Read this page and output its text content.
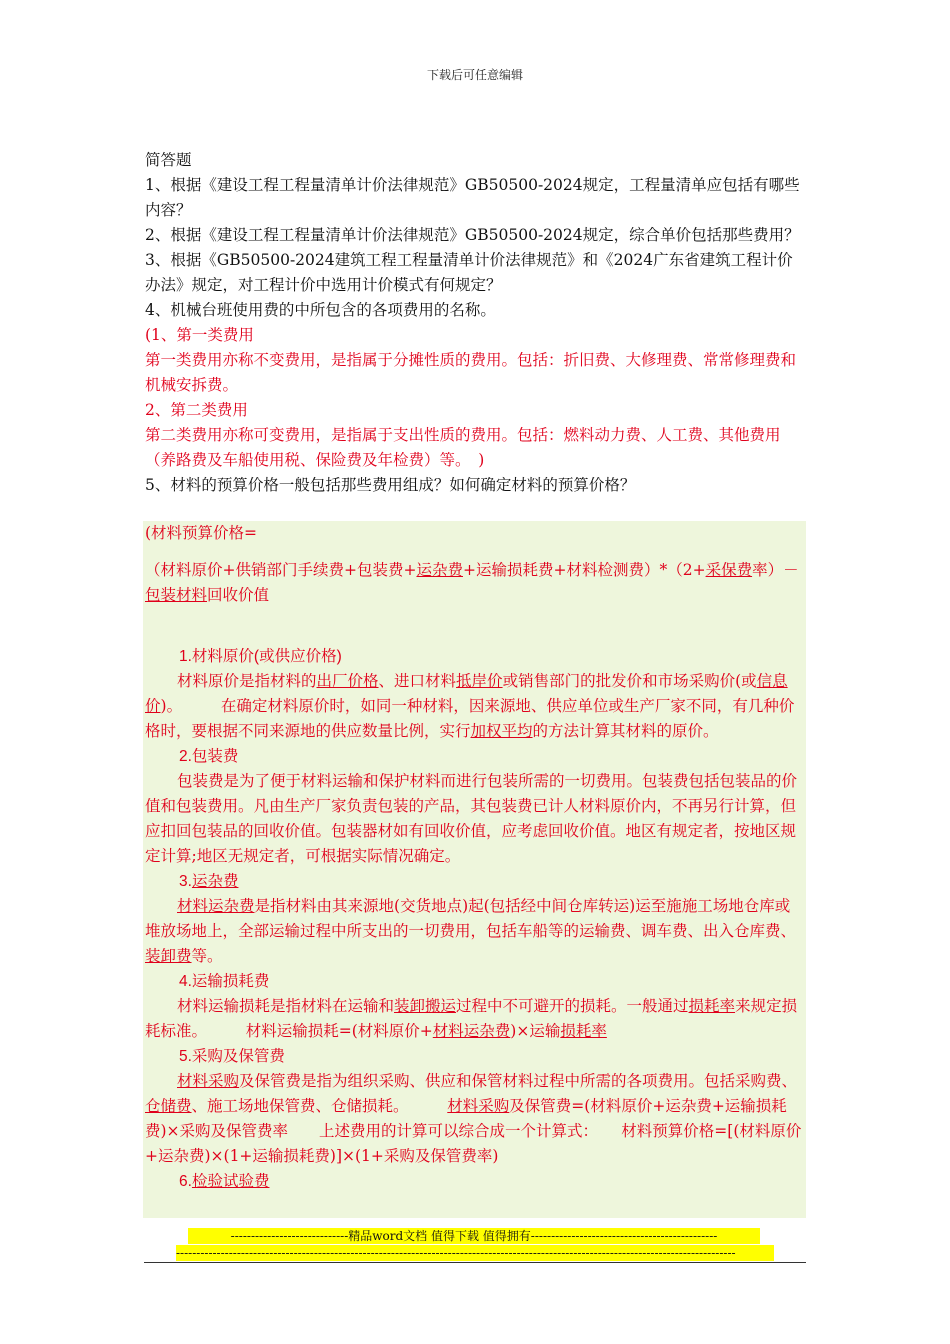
下载后可任意编辑

简答题

1、根据《建设工程工程量清单计价法律规范》GB50500-2024规定，工程量清单应包括有哪些内容？

2、根据《建设工程工程量清单计价法律规范》GB50500-2024规定，综合单价包括那些费用？

3、根据《GB50500-2024建筑工程工程量清单计价法律规范》和《2024广东省建筑工程计价办法》规定，对工程计价中选用计价模式有何规定？

4、机械台班使用费的中所包含的各项费用的名称。

(1、第一类费用

第一类费用亦称不变费用，是指属于分摊性质的费用。包括：折旧费、大修理费、常常修理费和机械安拆费。

2、第二类费用

第二类费用亦称可变费用，是指属于支出性质的费用。包括：燃料动力费、人工费、其他费用（养路费及车船使用税、保险费及年检费）等。　)

5、材料的预算价格一般包括那些费用组成？如何确定材料的预算价格？

(材料预算价格=

（材料原价+供销部门手续费+包装费+运杂费+运输损耗费+材料检测费）*（2+采保费率）－包装材料回收价值

1.材料原价(或供应价格)

材料原价是指材料的出厂价格、进口材料抵岸价或销售部门的批发价和市场采购价(或信息价)。　　　在确定材料原价时，如同一种材料，因来源地、供应单位或生产厂家不同，有几种价格时，要根据不同来源地的供应数量比例，实行加权平均的方法计算其材料的原价。

2.包装费

包装费是为了便于材料运输和保护材料而进行包装所需的一切费用。包装费包括包装品的价值和包装费用。凡由生产厂家负责包装的产品，其包装费已计人材料原价内，不再另行计算，但应扣回包装品的回收价值。包装器材如有回收价值，应考虑回收价值。地区有规定者，按地区规定计算;地区无规定者，可根据实际情况确定。

3.运杂费

材料运杂费是指材料由其来源地(交货地点)起(包括经中间仓库转运)运至施施工场地仓库或堆放场地上，全部运输过程中所支出的一切费用，包括车船等的运输费、调车费、出入仓库费、装卸费等。

4.运输损耗费

材料运输损耗是指材料在运输和装卸搬运过程中不可避开的损耗。一般通过损耗率来规定损耗标准。　　　材料运输损耗=(材料原价+材料运杂费)×运输损耗率

5.采购及保管费

材料采购及保管费是指为组织采购、供应和保管材料过程中所需的各项费用。包括采购费、仓储费、施工场地保管费、仓储损耗。　　　材料采购及保管费=(材料原价+运杂费+运输损耗费)×采购及保管费率　　上述费用的计算可以综合成一个计算式：　　材料预算价格=[(材料原价+运杂费)×(1+运输损耗费)]×(1+采购及保管费率)

6.检验试验费

-----------------------------精品word文档 值得下载 值得拥有----------------------------------------------
------------------------------------------------------------------------------------------------------------------------------------------
